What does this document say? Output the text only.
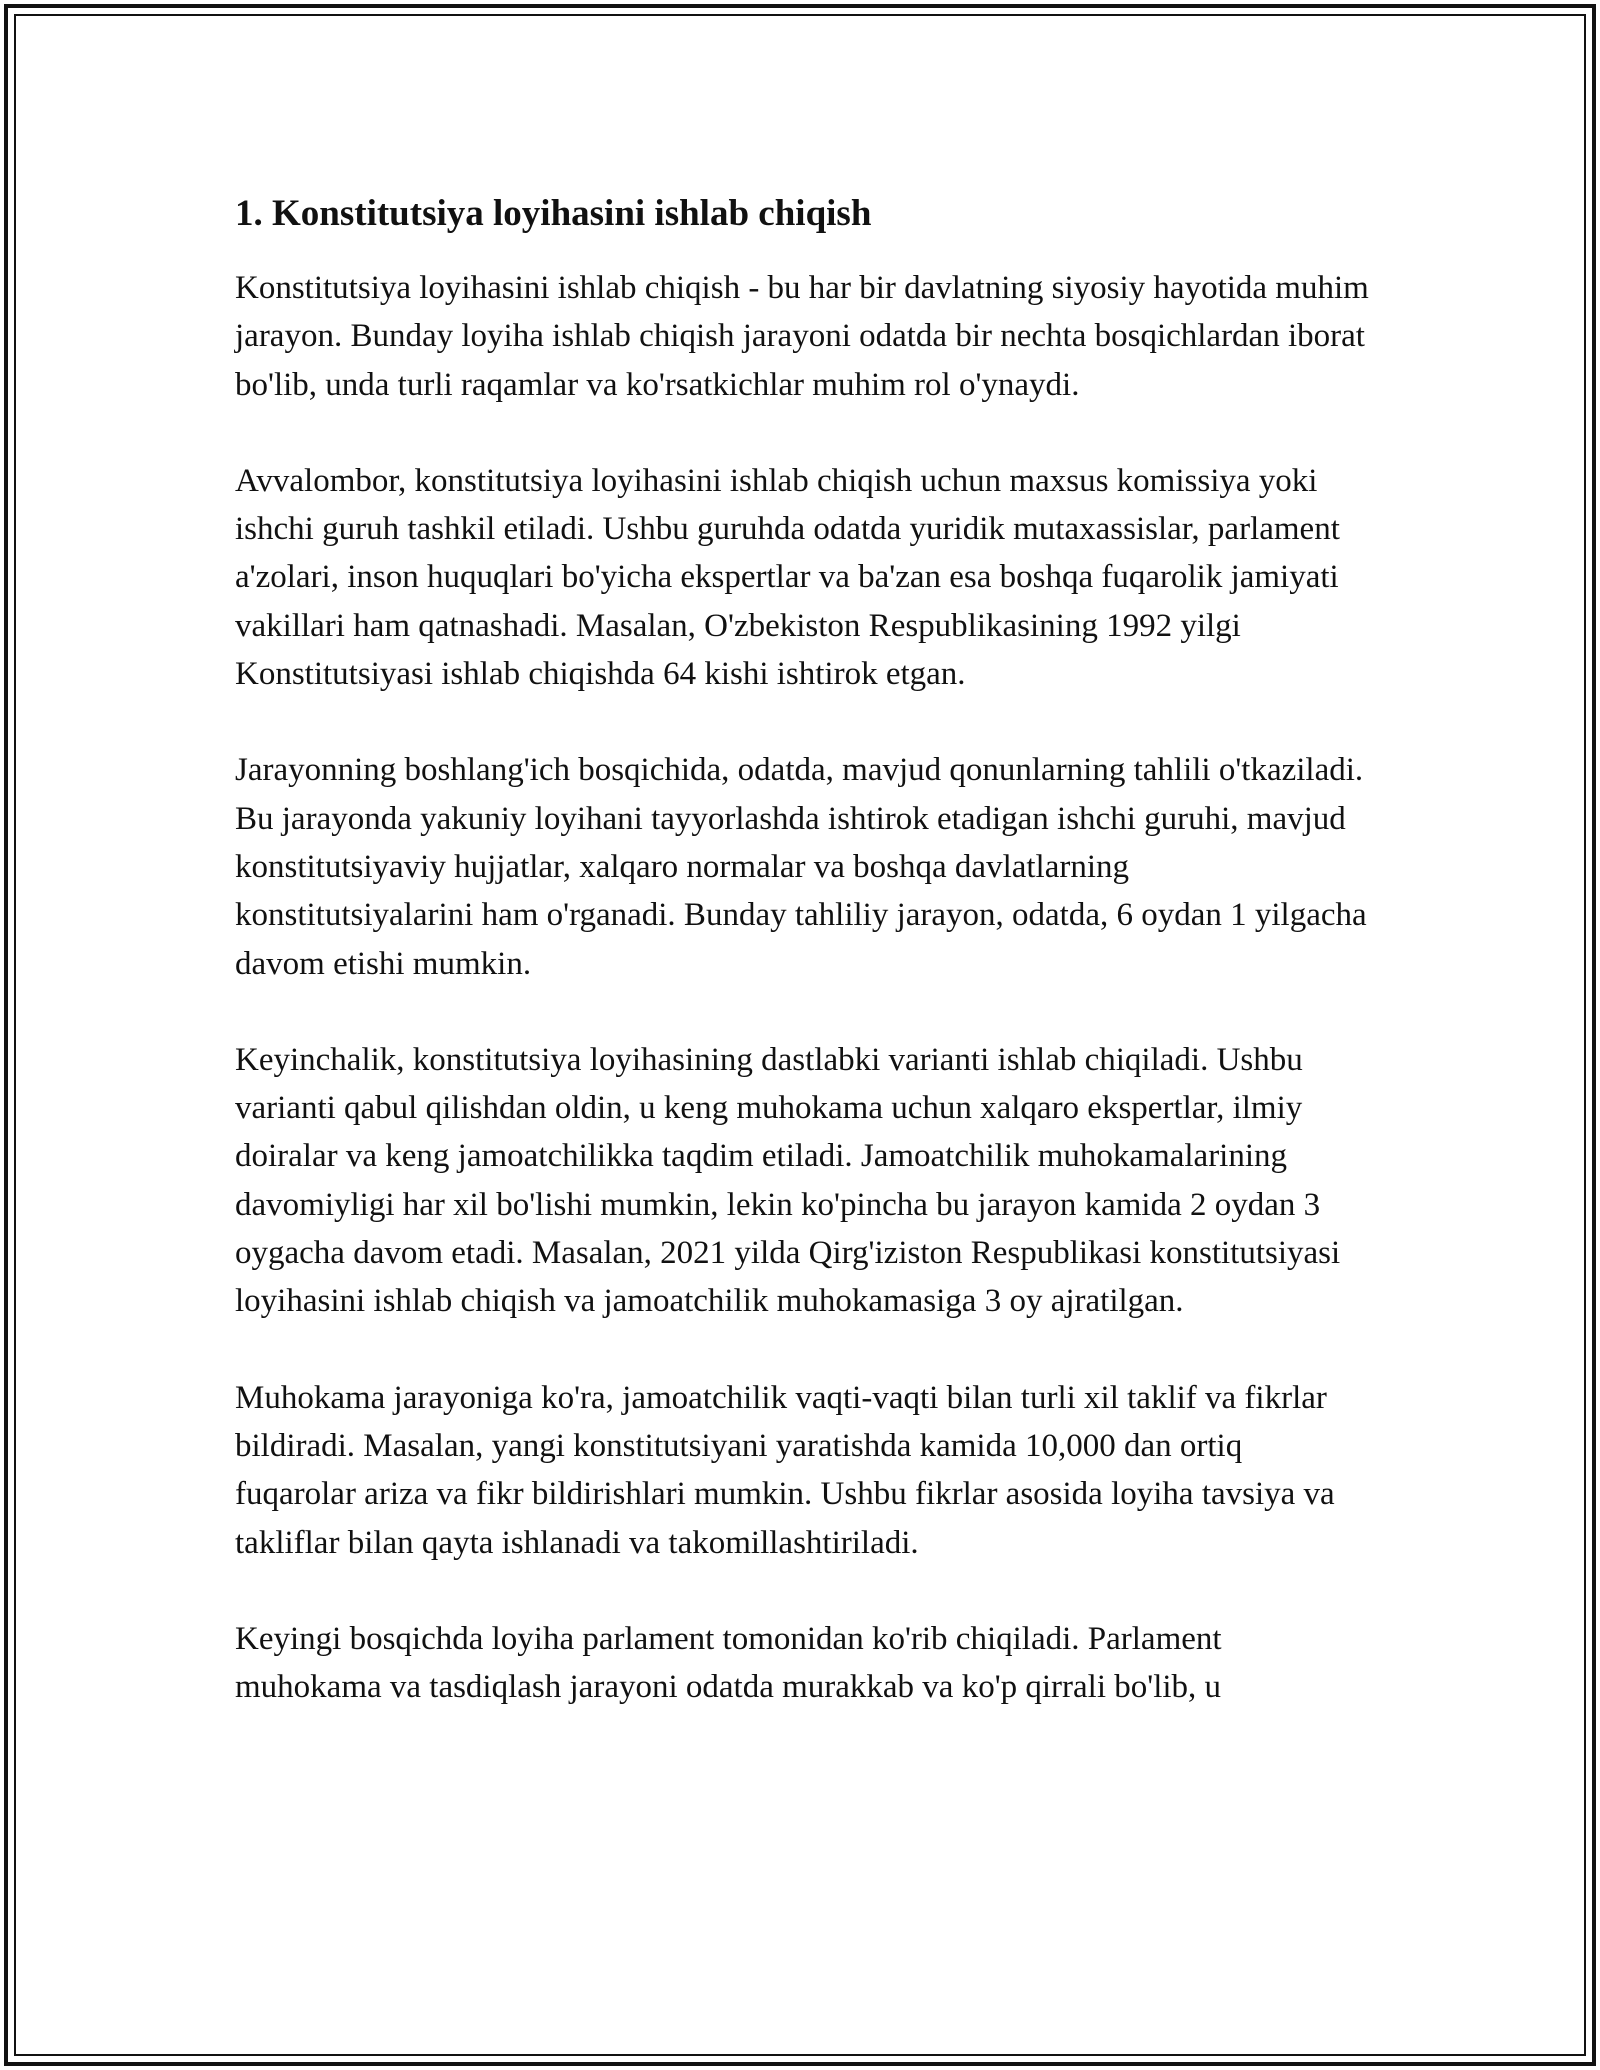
1. Konstitutsiya loyihasini ishlab chiqish

Konstitutsiya loyihasini ishlab chiqish - bu har bir davlatning siyosiy hayotida muhim jarayon. Bunday loyiha ishlab chiqish jarayoni odatda bir nechta bosqichlardan iborat bo'lib, unda turli raqamlar va ko'rsatkichlar muhim rol o'ynaydi.

Avvalombor, konstitutsiya loyihasini ishlab chiqish uchun maxsus komissiya yoki ishchi guruh tashkil etiladi. Ushbu guruhda odatda yuridik mutaxassislar, parlament a'zolari, inson huquqlari bo'yicha ekspertlar va ba'zan esa boshqa fuqarolik jamiyati vakillari ham qatnashadi. Masalan, O'zbekiston Respublikasining 1992 yilgi Konstitutsiyasi ishlab chiqishda 64 kishi ishtirok etgan.

Jarayonning boshlang'ich bosqichida, odatda, mavjud qonunlarning tahlili o'tkaziladi. Bu jarayonda yakuniy loyihani tayyorlashda ishtirok etadigan ishchi guruhi, mavjud konstitutsiyaviy hujjatlar, xalqaro normalar va boshqa davlatlarning konstitutsiyalarini ham o'rganadi. Bunday tahliliy jarayon, odatda, 6 oydan 1 yilgacha davom etishi mumkin.

Keyinchalik, konstitutsiya loyihasining dastlabki varianti ishlab chiqiladi. Ushbu varianti qabul qilishdan oldin, u keng muhokama uchun xalqaro ekspertlar, ilmiy doiralar va keng jamoatchilikka taqdim etiladi. Jamoatchilik muhokamalarining davomiyligi har xil bo'lishi mumkin, lekin ko'pincha bu jarayon kamida 2 oydan 3 oygacha davom etadi. Masalan, 2021 yilda Qirg'iziston Respublikasi konstitutsiyasi loyihasini ishlab chiqish va jamoatchilik muhokamasiga 3 oy ajratilgan.

Muhokama jarayoniga ko'ra, jamoatchilik vaqti-vaqti bilan turli xil taklif va fikrlar bildiradi. Masalan, yangi konstitutsiyani yaratishda kamida 10,000 dan ortiq fuqarolar ariza va fikr bildirishlari mumkin. Ushbu fikrlar asosida loyiha tavsiya va takliflar bilan qayta ishlanadi va takomillashtiriladi.

Keyingi bosqichda loyiha parlament tomonidan ko'rib chiqiladi. Parlament muhokama va tasdiqlash jarayoni odatda murakkab va ko'p qirrali bo'lib, u
